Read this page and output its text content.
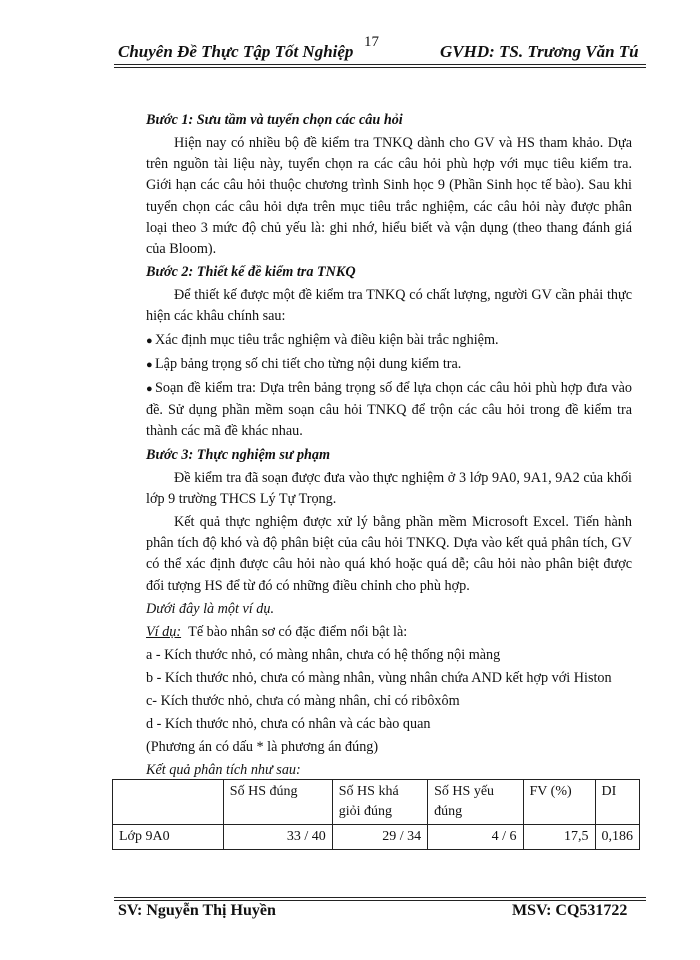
17
Chuyên Đề Thực Tập Tốt Nghiệp	GVHD: TS. Trương Văn Tú
Bước 1: Sưu tầm và tuyển chọn các câu hỏi

Hiện nay có nhiều bộ đề kiểm tra TNKQ dành cho GV và HS tham khảo. Dựa trên nguồn tài liệu này, tuyển chọn ra các câu hỏi phù hợp với mục tiêu kiểm tra. Giới hạn các câu hỏi thuộc chương trình Sinh học 9 (Phần Sinh học tế bào). Sau khi tuyển chọn các câu hỏi dựa trên mục tiêu trắc nghiệm, các câu hỏi này được phân loại theo 3 mức độ chủ yếu là: ghi nhớ, hiểu biết và vận dụng (theo thang đánh giá của Bloom).

Bước 2: Thiết kế đề kiểm tra TNKQ

Để thiết kế được một đề kiểm tra TNKQ có chất lượng, người GV cần phải thực hiện các khâu chính sau:

● Xác định mục tiêu trắc nghiệm và điều kiện bài trắc nghiệm.
● Lập bảng trọng số chi tiết cho từng nội dung kiểm tra.
● Soạn đề kiểm tra: Dựa trên bảng trọng số để lựa chọn các câu hỏi phù hợp đưa vào đề. Sử dụng phần mềm soạn câu hỏi TNKQ để trộn các câu hỏi trong đề kiểm tra thành các mã đề khác nhau.
Bước 3: Thực nghiệm sư phạm

Đề kiểm tra đã soạn được đưa vào thực nghiệm ở 3 lớp 9A0, 9A1, 9A2 của khối lớp 9 trường THCS Lý Tự Trọng.

Kết quả thực nghiệm được xử lý bằng phần mềm Microsoft Excel. Tiến hành phân tích độ khó và độ phân biệt của câu hỏi TNKQ. Dựa vào kết quả phân tích, GV có thể xác định được câu hỏi nào quá khó hoặc quá dễ; câu hỏi nào phân biệt được đối tượng HS để từ đó có những điều chỉnh cho phù hợp.

Dưới đây là một ví dụ.
Ví dụ: Tế bào nhân sơ có đặc điểm nổi bật là:
a - Kích thước nhỏ, có màng nhân, chưa có hệ thống nội màng
b - Kích thước nhỏ, chưa có màng nhân, vùng nhân chứa AND kết hợp với Histon
c- Kích thước nhỏ, chưa có màng nhân, chỉ có ribôxôm
d - Kích thước nhỏ, chưa có nhân và các bào quan
(Phương án có dấu * là phương án đúng)
Kết quả phân tích như sau:
	Số HS đúng	Số HS khá giỏi đúng	Số HS yếu đúng	FV (%)	DI
Lớp 9A0	33 / 40	29 / 34	4 / 6	17,5	0,186
SV: Nguyễn Thị Huyền	MSV: CQ531722
